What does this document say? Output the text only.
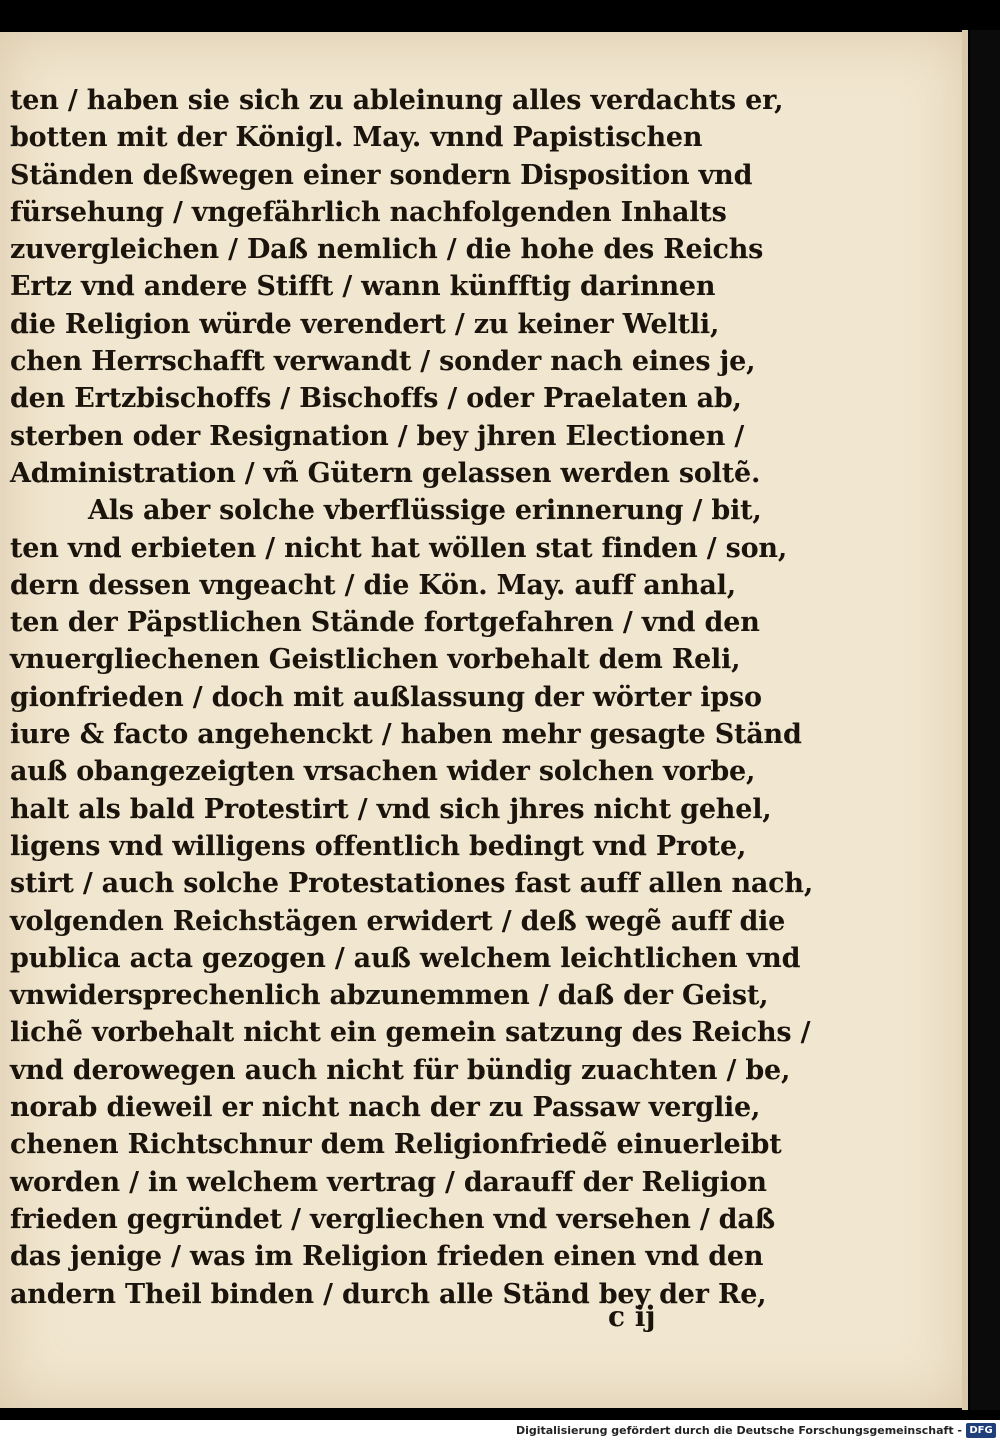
ten / haben sie sich zu ableinung alles verdachts er,
botten mit der Königl. May. vnnd Papistischen
Ständen deßwegen einer sondern Disposition vnd
fürsehung / vngefährlich nachfolgenden Inhalts
zuvergleichen / Daß nemlich / die hohe des Reichs
Ertz vnd andere Stifft / wann künfftig darinnen
die Religion würde verendert / zu keiner Weltli,
chen Herrschafft verwandt / sonder nach eines je,
den Ertzbischoffs / Bischoffs / oder Praelaten ab,
sterben oder Resignation / bey jhren Electionen /
Administration / vñ Gütern gelassen werden soltẽ.
Als aber solche vberflüssige erinnerung / bit,
ten vnd erbieten / nicht hat wöllen stat finden / son,
dern dessen vngeacht / die Kön. May. auff anhal,
ten der Päpstlichen Stände fortgefahren / vnd den
vnuergliechenen Geistlichen vorbehalt dem Reli,
gionfrieden / doch mit außlassung der wörter ipso
iure & facto angehenckt / haben mehr gesagte Ständ
auß obangezeigten vrsachen wider solchen vorbe,
halt als bald Protestirt / vnd sich jhres nicht gehel,
ligens vnd willigens offentlich bedingt vnd Prote,
stirt / auch solche Protestationes fast auff allen nach,
volgenden Reichstägen erwidert / deß wegẽ auff die
publica acta gezogen / auß welchem leichtlichen vnd
vnwidersprechenlich abzunemmen / daß der Geist,
lichẽ vorbehalt nicht ein gemein satzung des Reichs /
vnd derowegen auch nicht für bündig zuachten / be,
norab dieweil er nicht nach der zu Passaw verglie,
chenen Richtschnur dem Religionfriedẽ einuerleibt
worden / in welchem vertrag / darauff der Religion
frieden gegründet / vergliechen vnd versehen / daß
das jenige / was im Religion frieden einen vnd den
andern Theil binden / durch alle Ständ bey der Re,
c ij
Digitalisierung gefördert durch die Deutsche Forschungsgemeinschaft - DFG
